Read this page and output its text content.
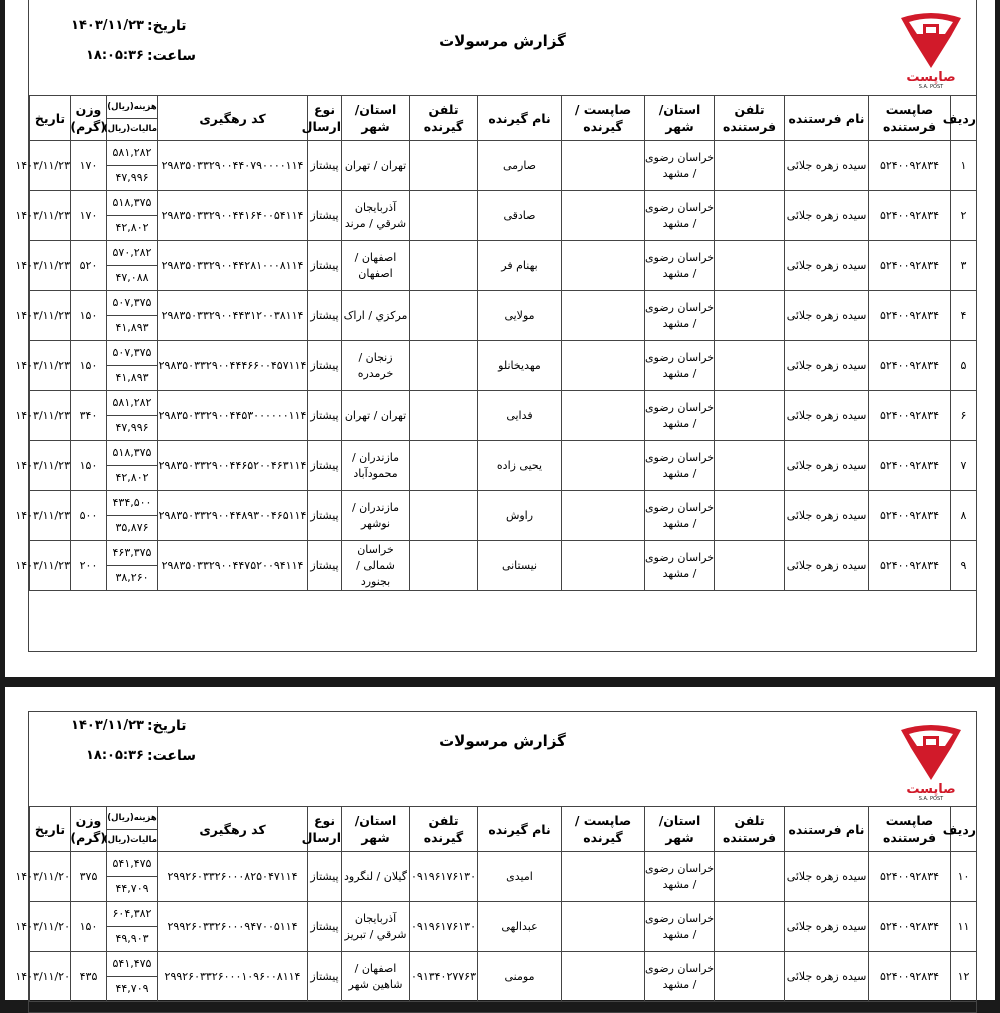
صاپست
S.A. POST
گزارش مرسولات
تاریخ:
۱۴۰۳/۱۱/۲۳
ساعت:
۱۸:۰۵:۳۶
ردیف	صاپست فرستنده	نام فرستنده	تلفن فرستنده	استان/ شهر	صاپست / گیرنده	نام گیرنده	تلفن گیرنده	استان/ شهر	نوع ارسال	کد رهگیری	هزینه(ریال)
مالیات(ریال)	وزن (گرم)	تاریخ
۱	۵۲۴۰۰۹۲۸۳۴	سیده زهره جلائی		خراسان رضوی / مشهد		صارمی		تهران / تهران	پیشتاز	۲۹۸۳۵۰۳۳۲۹۰۰۴۴۰۷۹۰۰۰۰۱۱۴	۵۸۱,۲۸۲
۴۷,۹۹۶	۱۷۰	۱۴۰۳/۱۱/۲۳
۲	۵۲۴۰۰۹۲۸۳۴	سیده زهره جلائی		خراسان رضوی / مشهد		صادقی		آذربایجان شرقي / مرند	پیشتاز	۲۹۸۳۵۰۳۳۲۹۰۰۴۴۱۶۴۰۰۵۴۱۱۴	۵۱۸,۳۷۵
۴۲,۸۰۲	۱۷۰	۱۴۰۳/۱۱/۲۳
۳	۵۲۴۰۰۹۲۸۳۴	سیده زهره جلائی		خراسان رضوی / مشهد		بهنام فر		اصفهان / اصفهان	پیشتاز	۲۹۸۳۵۰۳۳۲۹۰۰۴۴۲۸۱۰۰۰۸۱۱۴	۵۷۰,۲۸۲
۴۷,۰۸۸	۵۲۰	۱۴۰۳/۱۱/۲۳
۴	۵۲۴۰۰۹۲۸۳۴	سیده زهره جلائی		خراسان رضوی / مشهد		مولایی		مرکزي / اراک	پیشتاز	۲۹۸۳۵۰۳۳۲۹۰۰۴۴۳۱۲۰۰۳۸۱۱۴	۵۰۷,۳۷۵
۴۱,۸۹۳	۱۵۰	۱۴۰۳/۱۱/۲۳
۵	۵۲۴۰۰۹۲۸۳۴	سیده زهره جلائی		خراسان رضوی / مشهد		مهدیخانلو		زنجان / خرمدره	پیشتاز	۲۹۸۳۵۰۳۳۲۹۰۰۴۴۴۶۶۰۰۴۵۷۱۱۴	۵۰۷,۳۷۵
۴۱,۸۹۳	۱۵۰	۱۴۰۳/۱۱/۲۳
۶	۵۲۴۰۰۹۲۸۳۴	سیده زهره جلائی		خراسان رضوی / مشهد		فدایی		تهران / تهران	پیشتاز	۲۹۸۳۵۰۳۳۲۹۰۰۴۴۵۳۰۰۰۰۰۰۱۱۴	۵۸۱,۲۸۲
۴۷,۹۹۶	۳۴۰	۱۴۰۳/۱۱/۲۳
۷	۵۲۴۰۰۹۲۸۳۴	سیده زهره جلائی		خراسان رضوی / مشهد		یحیی زاده		مازندران / محمودآباد	پیشتاز	۲۹۸۳۵۰۳۳۲۹۰۰۴۴۶۵۲۰۰۴۶۳۱۱۴	۵۱۸,۳۷۵
۴۲,۸۰۲	۱۵۰	۱۴۰۳/۱۱/۲۳
۸	۵۲۴۰۰۹۲۸۳۴	سیده زهره جلائی		خراسان رضوی / مشهد		راوش		مازندران / نوشهر	پیشتاز	۲۹۸۳۵۰۳۳۲۹۰۰۴۴۸۹۳۰۰۴۶۵۱۱۴	۴۳۴,۵۰۰
۳۵,۸۷۶	۵۰۰	۱۴۰۳/۱۱/۲۳
۹	۵۲۴۰۰۹۲۸۳۴	سیده زهره جلائی		خراسان رضوی / مشهد		نیستانی		خراسان شمالی / بجنورد	پیشتاز	۲۹۸۳۵۰۳۳۲۹۰۰۴۴۷۵۲۰۰۹۴۱۱۴	۴۶۳,۳۷۵
۳۸,۲۶۰	۲۰۰	۱۴۰۳/۱۱/۲۳
صاپست
S.A. POST
گزارش مرسولات
تاریخ:
۱۴۰۳/۱۱/۲۳
ساعت:
۱۸:۰۵:۳۶
ردیف	صاپست فرستنده	نام فرستنده	تلفن فرستنده	استان/ شهر	صاپست / گیرنده	نام گیرنده	تلفن گیرنده	استان/ شهر	نوع ارسال	کد رهگیری	هزینه(ریال)
مالیات(ریال)	وزن (گرم)	تاریخ
۱۰	۵۲۴۰۰۹۲۸۳۴	سیده زهره جلائی		خراسان رضوی / مشهد		امیدی	۰۹۱۹۶۱۷۶۱۳۰	گیلان / لنگرود	پیشتاز	۲۹۹۲۶۰۳۳۲۶۰۰۰۸۲۵۰۴۷۱۱۴	۵۴۱,۴۷۵
۴۴,۷۰۹	۳۷۵	۱۴۰۳/۱۱/۲۰
۱۱	۵۲۴۰۰۹۲۸۳۴	سیده زهره جلائی		خراسان رضوی / مشهد		عبدالهی	۰۹۱۹۶۱۷۶۱۳۰	آذربایجان شرقي / تبریز	پیشتاز	۲۹۹۲۶۰۳۳۲۶۰۰۰۹۴۷۰۰۵۱۱۴	۶۰۴,۳۸۲
۴۹,۹۰۳	۱۵۰	۱۴۰۳/۱۱/۲۰
۱۲	۵۲۴۰۰۹۲۸۳۴	سیده زهره جلائی		خراسان رضوی / مشهد		مومنی	۰۹۱۳۴۰۲۷۷۶۳	اصفهان / شاهین شهر	پیشتاز	۲۹۹۲۶۰۳۳۲۶۰۰۰۱۰۹۶۰۰۸۱۱۴	۵۴۱,۴۷۵
۴۴,۷۰۹	۴۳۵	۱۴۰۳/۱۱/۲۰
